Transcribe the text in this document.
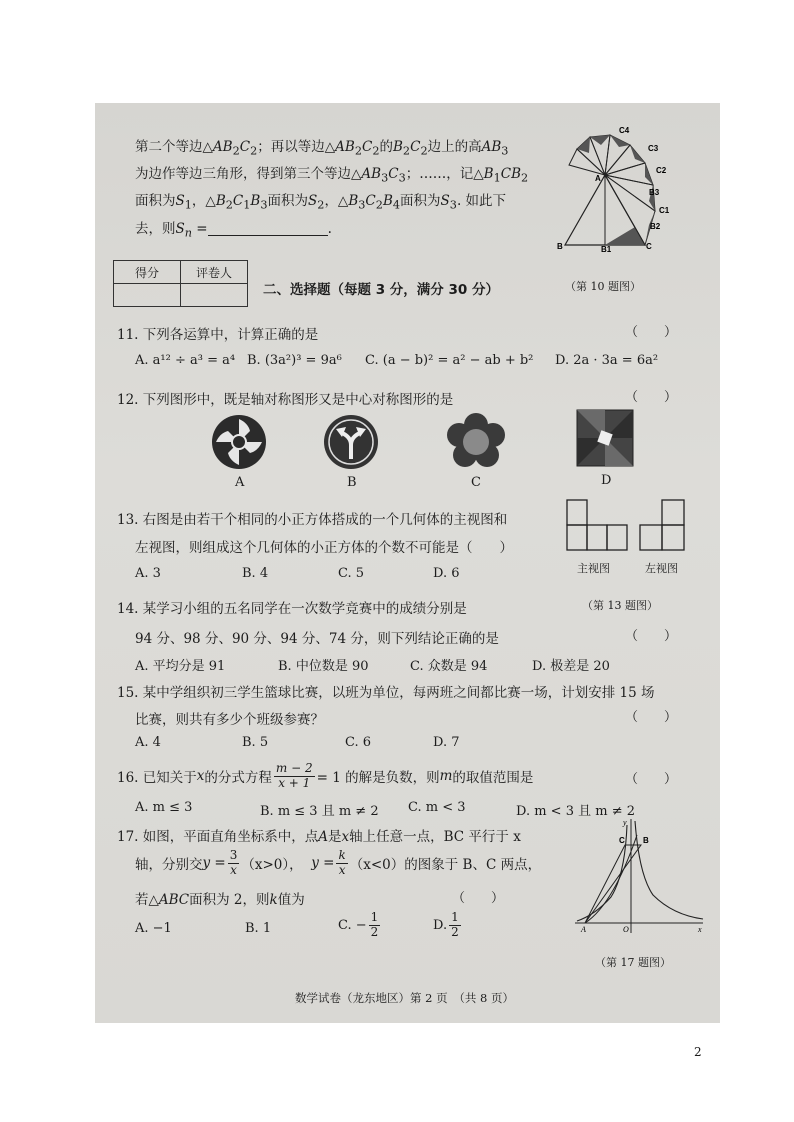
第二个等边$\triangle AB_2C_2$；再以等边$\triangle AB_2C_2$的$B_2C_2$边上的高$AB_3$
为边作等边三角形，得到第三个等边$\triangle AB_3C_3$；……，记$\triangle B_1CB_2$
面积为$S_1$，$\triangle B_2C_1B_3$面积为$S_2$，$\triangle B_3C_2B_4$面积为$S_3$. 如此下
去，则$S_n$ =	.
C4
C3
A
C2
B3
C1
B2
B	B1	C
得分	评卷人

二、选择题（每题 3 分，满分 30 分）	（第 10 题图）
11. 下列各运算中，计算正确的是	（　　）
A. a¹² ÷ a³ = a⁴ B. (3a²)³ = 9a⁶ C. (a − b)² = a² − ab + b² D. 2a · 3a = 6a²
12. 下列图形中，既是轴对称图形又是中心对称图形的是	（　　）
A	B	C	D
13. 右图是由若干个相同的小正方体搭成的一个几何体的主视图和
左视图，则组成这个几何体的小正方体的个数不可能是（　　）
A. 3	B. 4	C. 5	D. 6	主视图	左视图
（第 13 题图）
14. 某学习小组的五名同学在一次数学竞赛中的成绩分别是
94 分、98 分、90 分、94 分、74 分，则下列结论正确的是	（　　）
A. 平均分是 91	B. 中位数是 90	C. 众数是 94	D. 极差是 20
15. 某中学组织初三学生篮球比赛，以班为单位，每两班之间都比赛一场，计划安排 15 场
比赛，则共有多少个班级参赛？	（　　）
A. 4	B. 5	C. 6	D. 7
16. 已知关于 x 的分式方程 $\frac{m - 2}{x + 1} = 1$ 的解是负数，则 m 的取值范围是	（　　）
A. m ≤ 3	B. m ≤ 3 且 m ≠ 2 C. m < 3	D. m < 3 且 m ≠ 2
17. 如图，平面直角坐标系中，点A是x轴上任意一点，BC 平行于 x
轴，分别交 $y = \frac{3}{x} (x>0)$，
$y = \frac{k}{x} (x<0)$的图象于 B、C 两点，
若△ABC面积为 2，则k值为	（　　）
A. −1	B. 1	C. − $\frac{1}{2}$	D. $\frac{1}{2}$
y
C B
A	O	x
（第 17 题图）
数学试卷（龙东地区）第 2 页　（共 8 页）
2
